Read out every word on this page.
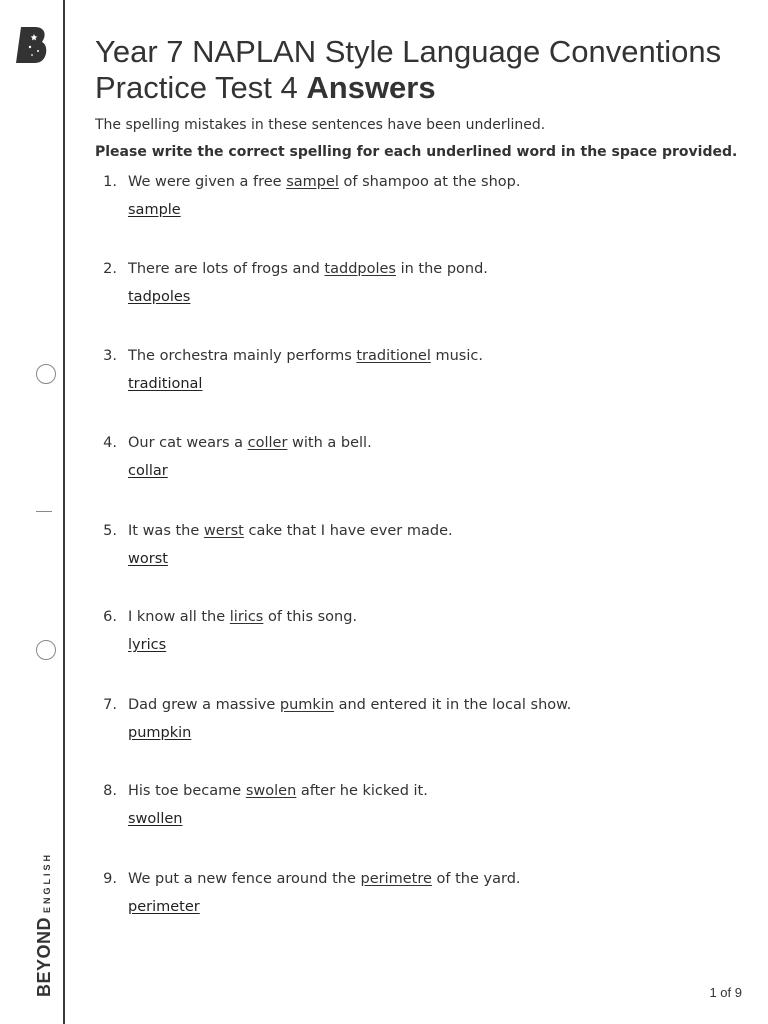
BEYONDENGLISH
Year 7 NAPLAN Style Language Conventions Practice Test 4 Answers

The spelling mistakes in these sentences have been underlined.

Please write the correct spelling for each underlined word in the space provided.

1. We were given a free sampel of shampoo at the shop.
sample
2. There are lots of frogs and taddpoles in the pond.
tadpoles
3. The orchestra mainly performs traditionel music.
traditional
4. Our cat wears a coller with a bell.
collar
5. It was the werst cake that I have ever made.
worst
6. I know all the lirics of this song.
lyrics
7. Dad grew a massive pumkin and entered it in the local show.
pumpkin
8. His toe became swolen after he kicked it.
swollen
9. We put a new fence around the perimetre of the yard.
perimeter
1 of 9
